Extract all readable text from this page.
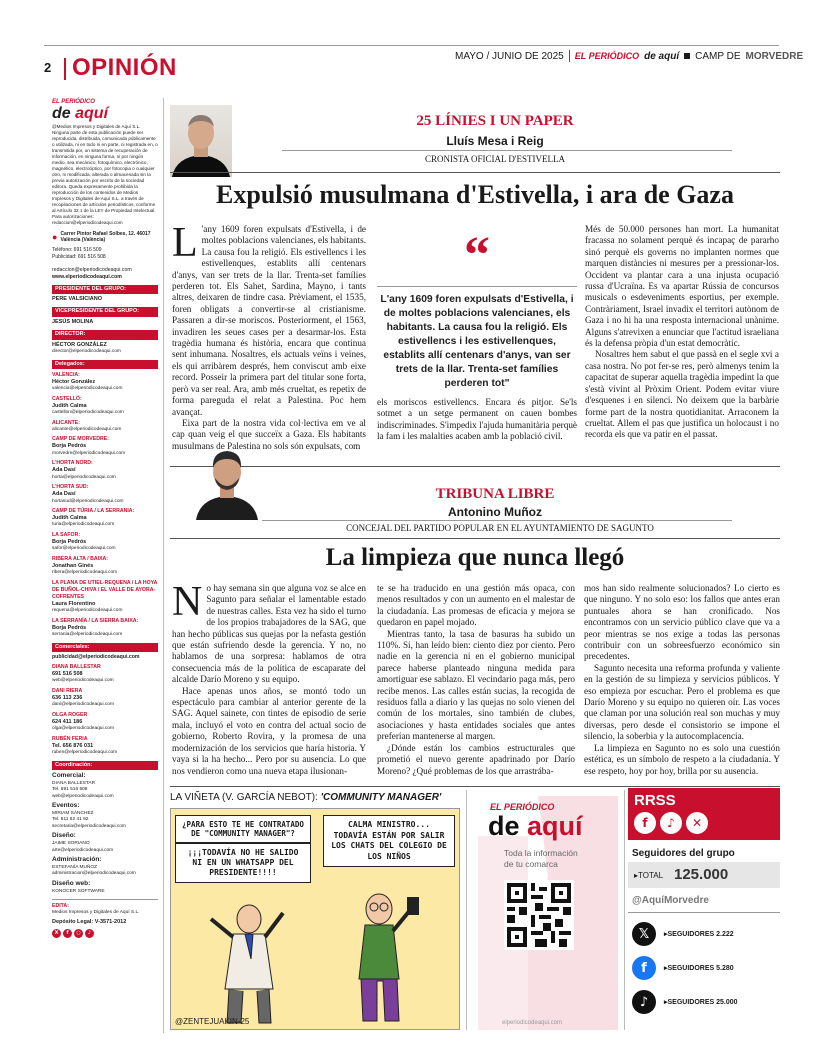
2 OPINIÓN	MAYO / JUNIO DE 2025 EL PERIÓDICO de aquí CAMP DE MORVEDRE
EL PERIÓDICO
de aquí
@Medios Impresos y Digitales de Aquí S.L. Ninguna parte de esta publicación puede ser reproducida, distribuida, comunicada públicamente o utilizada, ni en todo ni en parte, ni registrada en, o transmitida por, un sistema de recuperación de información, en ninguna forma, ni por ningún medio, sea mecánico, fotoquímico, electrónico, magnético, electroóptico, por fotocopia o cualquier otro, ni modificada, alterada o almacenada sin la previa autorización por escrito de la sociedad editora. Queda expresamente prohibida la reproducción de los contenidos de Medios Impresos y Digitales de Aquí S.L. a través de recopilaciones de artículos periodísticos, conforme al Artículo 32.1 de la LEY de Propiedad Intelectual. Para autorizaciones: redaccion@elperiodicodeaqui.com
● Carrer Pintor Rafael Solbes, 12. 46017 València (València)
Teléfono: 691 516 509
Publicidad: 691 516 508
redaccion@elperiodicodeaqui.com
www.elperiodicodeaqui.com
PRESIDENTE DEL GRUPO:
PERE VALSICIANO
VICEPRESIDENTE DEL GRUPO:
JESÚS MOLINA
DIRECTOR:
HÉCTOR GONZÁLEZ
director@elperiodicodeaqui.com
Delegados:
VALENCIA:
Héctor González
valencia@elperiodicodeaqui.com
CASTELLÓ:
Judith Calma
castellon@elperiodicodeaqui.com
ALICANTE:
alicante@elperiodicodeaqui.com
CAMP DE MORVEDRE:
Borja Pedrós
morvedre@elperiodicodeaqui.com
L'HORTA NORD:
Ada Dasí
horta@elperiodicodeaqui.com
L'HORTA SUD:
Ada Dasí
hortasud@elperiodicodeaqui.com
CAMP DE TÚRIA / LA SERRANIA:
Judith Calma
turia@elperiodicodeaqui.com
LA SAFOR:
Borja Pedrós
safor@elperiodicodeaqui.com
RIBERA ALTA / BAIXA:
Jonathan Ginés
ribera@elperiodicodeaqui.com
LA PLANA DE UTIEL-REQUENA / LA HOYA DE BUÑOL-CHIVA / EL VALLE DE AYORA-COFRENTES
Laura Florentino
requena@elperiodicodeaqui.com
LA SERRANÍA / LA SIERRA BAIXA:
Borja Pedrós
serrania@elperiodicodeaqui.com
Comerciales:
publicidad@elperiodicodeaqui.com
DIANA BALLESTAR
691 516 508
web@elperiodicodeaqui.com
DANI RIERA
636 113 236
dani@elperiodicodeaqui.com
OLGA ROGER
624 411 186
olga@elperiodicodeaqui.com
RUBÉN FERIA
Tel. 656 876 031
ruben@elperiodicodeaqui.com
Coordinación:
Comercial:
DIANA BALLESTAR
Tel. 691 516 508
web@elperiodicodeaqui.com
Eventos:
MIRIAM SÁNCHEZ
Tel. 611 62 41 92
secretaria@elperiodicodeaqui.com
Diseño:
JAIME SORIANO
arte@elperiodicodeaqui.com
Administración:
ESTEFANÍA MUÑOZ
administracion@elperiodicodeaqui.com
Diseño web:
KONOCER SOFTWARE
EDITA:
Medios Impresos y Digitales de Aquí S.L.
Depósito Legal: V-3571-2012
X	f	○	♪
25 LÍNIES I UN PAPER
Lluís Mesa i Reig
CRONISTA OFICIAL D'ESTIVELLA
Expulsió musulmana d'Estivella, i ara de Gaza
L 'any 1609 foren expulsats d'Estivella, i de moltes poblacions valencianes, els habitants. La causa fou la religió. Els estivellencs i les estivellenques, establits allí centenars d'anys, van ser trets de la llar. Trenta-set famílies perderen tot. Els Sahet, Sardina, Mayno, i tants altres, deixaren de tindre casa. Prèviament, el 1535, foren obligats a convertir-se al cristianisme. Passaren a dir-se moriscos. Posteriorment, el 1563, invadiren les seues cases per a desarmar-los. Esta tragèdia humana és història, encara que continua sent inhumana. Nosaltres, els actuals veïns i veïnes, els qui arribàrem després, hem conviscut amb eixe record. Posseir la primera part del titular sone forta, però va ser real. Ara, amb més crueltat, es repetix de forma paregudа el relat a Palestina. Poc hem avançat.
Eixa part de la nostra vida col·lectiva em ve al cap quan veig el que succeïx a Gaza. Els habitants musulmans de Palestina no sols són expulsats, com
“
L'any 1609 foren expulsats d'Estivella, i de moltes poblacions valencianes, els habitants. La causa fou la religió. Els estivellencs i les estivellenques, establits allí centenars d'anys, van ser trets de la llar. Trenta-set famílies perderen tot"
els moriscos estivellencs. Encara és pitjor. Se'ls sotmet a un setge permanent on cauen bombes indiscriminades. S'impedix l'ajuda humanitària perquè la fam i les malalties acaben amb la població civil.
Més de 50.000 persones han mort. La humanitat fracassa no solament perquè és incapaç de pararho sinó perquè els governs no implanten normes que marquen distàncies ni mesures per a pressionar-los. Occident va plantar cara a una injusta ocupació russa d'Ucraïna. Es va apartar Rússia de concursos musicals o esdeveniments esportius, per exemple. Contràriament, Israel invadix el territori autònom de Gaza i no hi ha una resposta internacional unànime. Alguns s'atrevixen a enunciar que l'actitud israeliana és la defensa pròpia d'un estat democràtic.
Nosaltres hem sabut el que passà en el segle xvi a casa nostra. No pot fer-se res, però almenys tenim la capacitat de superar aquella tragèdia impedint la que s'està vivint al Pròxim Orient. Podem evitar viure d'esquenes i en silenci. No deixem que la barbàrie forme part de la nostra quotidianitat. Arraconem la crueltat. Allem el pas que justifica un holocaust i no recorda els que va patir en el passat.
TRIBUNA LIBRE
Antonino Muñoz
CONCEJAL DEL PARTIDO POPULAR EN EL AYUNTAMIENTO DE SAGUNTO
La limpieza que nunca llegó
No hay semana sin que alguna voz se alce en Sagunto para señalar el lamentable estado de nuestras calles. Esta vez ha sido el turno de los propios trabajadores de la SAG, que han hecho públicas sus quejas por la nefasta gestión que están sufriendo desde la gerencia. Y no, no hablamos de una sorpresa: hablamos de otra consecuencia más de la política de escaparate del alcalde Darío Moreno y su equipo.
Hace apenas unos años, se montó todo un espectáculo para cambiar al anterior gerente de la SAG. Aquel sainete, con tintes de episodio de serie mala, incluyó el voto en contra del actual socio de gobierno, Roberto Rovira, y la promesa de una modernización de los servicios que haría historia. Y vaya si la ha hecho... Pero por su ausencia. Lo que nos vendieron como una nueva etapa ilusionan-
te se ha traducido en una gestión más opaca, con menos resultados y con un aumento en el malestar de la ciudadanía. Las promesas de eficacia y mejora se quedaron en papel mojado.
Mientras tanto, la tasa de basuras ha subido un 110%. Sí, han leído bien: ciento diez por ciento. Pero nadie en la gerencia ni en el gobierno municipal parece haberse planteado ninguna medida para amortiguar ese sablazo. El vecindario paga más, pero recibe menos. Las calles están sucias, la recogida de residuos falla a diario y las quejas no solo vienen del común de los mortales, sino también de clubes, asociaciones y hasta entidades sociales que antes preferían mantenerse al margen.
¿Dónde están los cambios estructurales que prometió el nuevo gerente apadrinado por Darío Moreno? ¿Qué problemas de los que arrastrába-
mos han sido realmente solucionados? Lo cierto es que ninguno. Y no solo eso: los fallos que antes eran puntuales ahora se han cronificado. Nos encontramos con un servicio público clave que va a peor mientras se nos exige a todas las personas contribuir con un sobreesfuerzo económico sin precedentes.
Sagunto necesita una reforma profunda y valiente en la gestión de su limpieza y servicios públicos. Y eso empieza por escuchar. Pero el problema es que Darío Moreno y su equipo no quieren oír. Las voces que claman por una solución real son muchas y muy diversas, pero desde el consistorio se impone el silencio, la soberbia y la autocomplacencia.
La limpieza en Sagunto no es solo una cuestión estética, es un símbolo de respeto a la ciudadanía. Y ese respeto, hoy por hoy, brilla por su ausencia.
LA VIÑETA (V. GARCÍA NEBOT): 'COMMUNITY MANAGER'
¿PARA ESTO TE HE CONTRATADO DE "COMMUNITY MANAGER"?
¡¡¡TODAVÍA NO HE SALIDO NI EN UN WHATSAPP DEL PRESIDENTE!!!!
CALMA MINISTRO... TODAVÍA ESTÁN POR SALIR LOS CHATS DEL COLEGIO DE LOS NIÑOS
@ZENTEJUAKIN-25
EL PERIÓDICO
de aquí
Toda la información de tu comarca
elperiodicodeaqui.com
RRSS
f	♪	✕
Seguidores del grupo
▸TOTAL 125.000
@AquíMorvedre
𝕏	▸SEGUIDORES 2.222
f	▸SEGUIDORES 5.280
♪	▸SEGUIDORES 25.000
